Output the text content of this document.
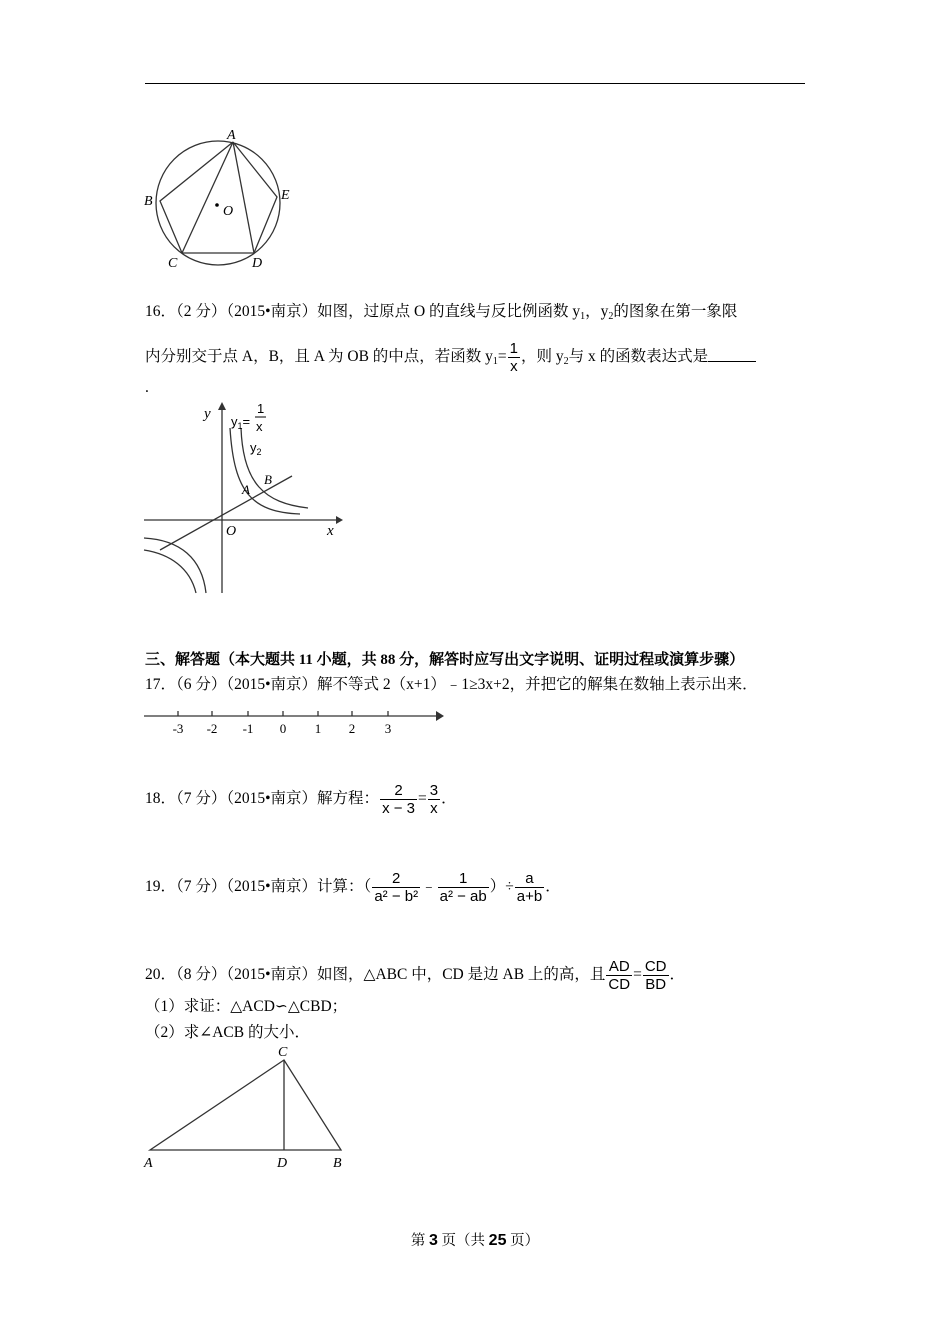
A
B
C	D
E
O
16．（2 分）（2015•南京）如图，过原点 O 的直线与反比例函数 $y_1$，$y_2$的图象在第一象限
内分别交于点 A，B，且 A 为 OB 的中点，若函数 $y_1= \frac{1}{x}$ ，则 $y_2$与 x 的函数表达式是
.
y
x
O
A
B
$y_1=$
1
x
$y_2$
三、解答题（本大题共 11 小题，共 88 分，解答时应写出文字说明、证明过程或演算步骤）
17．（6 分）（2015•南京）解不等式 2（x+1）﹣1≥3x+2，并把它的解集在数轴上表示出来．
-3 -2 -1 0 1 2 3
18．（7 分）（2015•南京）解方程： $\frac{2}{x - 3} = \frac{3}{x}$ ．
19．（7 分）（2015•南京）计算：（ $\frac{2}{\text{a² − b²}}$ ﹣ $\frac{1}{\text{a² − ab}}$ ）÷ $\frac{a}{a+b}$ ．
20．（8 分）（2015•南京）如图，△ABC 中，CD 是边 AB 上的高，且 $\frac{AD}{CD} = \frac{CD}{BD}$ ．
（1）求证：△ACD∽△CBD；
（2）求∠ACB 的大小．
C
A	D	B
第 3 页（共 25 页）
